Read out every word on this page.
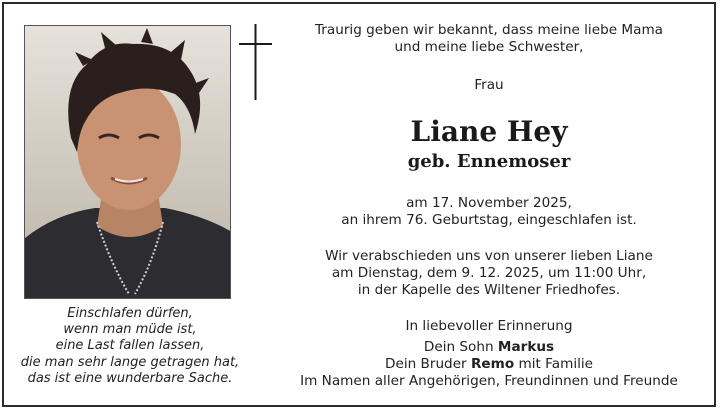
Einschlafen dürfen,
wenn man müde ist,
eine Last fallen lassen,
die man sehr lange getragen hat,
das ist eine wunderbare Sache.
Traurig geben wir bekannt, dass meine liebe Mama
und meine liebe Schwester,
Frau
Liane Hey
geb. Ennemoser
am 17. November 2025,
an ihrem 76. Geburtstag, eingeschlafen ist.
Wir verabschieden uns von unserer lieben Liane
am Dienstag, dem 9. 12. 2025, um 11:00 Uhr,
in der Kapelle des Wiltener Friedhofes.
In liebevoller Erinnerung
Dein Sohn Markus
Dein Bruder Remo mit Familie
Im Namen aller Angehörigen, Freundinnen und Freunde
